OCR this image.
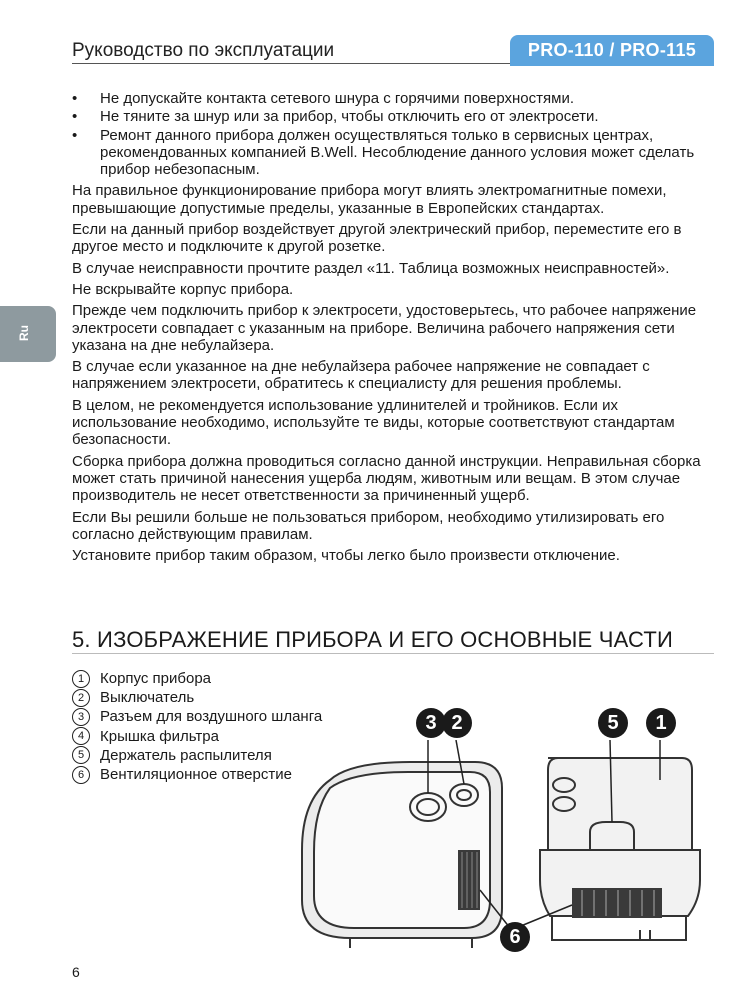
Руководство по эксплуатации	PRO-110 / PRO-115
Ru
• Не допускайте контакта сетевого шнура с горячими поверхностями.
• Не тяните за шнур или за прибор, чтобы отключить его от электросети.
• Ремонт данного прибора должен осуществляться только в сервисных центрах, рекомендованных компанией B.Well. Несоблюдение данного условия может сделать прибор небезопасным.

На правильное функционирование прибора могут влиять электромагнитные помехи, превышающие допустимые пределы, указанные в Европейских стандартах.

Если на данный прибор воздействует другой электрический прибор, переместите его в другое место и подключите к другой розетке.

В случае неисправности прочтите раздел «11. Таблица возможных неисправностей».

Не вскрывайте корпус прибора.

Прежде чем подключить прибор к электросети, удостоверьтесь, что рабочее напряжение электросети совпадает с указанным на приборе. Величина рабочего напряжения сети указана на дне небулайзера.

В случае если указанное на дне небулайзера рабочее напряжение не совпадает с напряжением электросети, обратитесь к специалисту для решения проблемы.

В целом, не рекомендуется использование удлинителей и тройников. Если их использование необходимо, используйте те виды, которые соответствуют стандартам безопасности.

Сборка прибора должна проводиться согласно данной инструкции. Неправильная сборка может стать причиной нанесения ущерба людям, животным или вещам. В этом случае производитель не несет ответственности за причиненный ущерб.

Если Вы решили больше не пользоваться прибором, необходимо утилизировать его согласно действующим правилам.

Установите прибор таким образом, чтобы легко было произвести отключение.

5. ИЗОБРАЖЕНИЕ ПРИБОРА И ЕГО ОСНОВНЫЕ ЧАСТИ
1	Корпус прибора
2	Выключатель
3	Разъем для воздушного шланга
4	Крышка фильтра
5	Держатель распылителя
6	Вентиляционное отверстие
3 2	5	1
6
6
